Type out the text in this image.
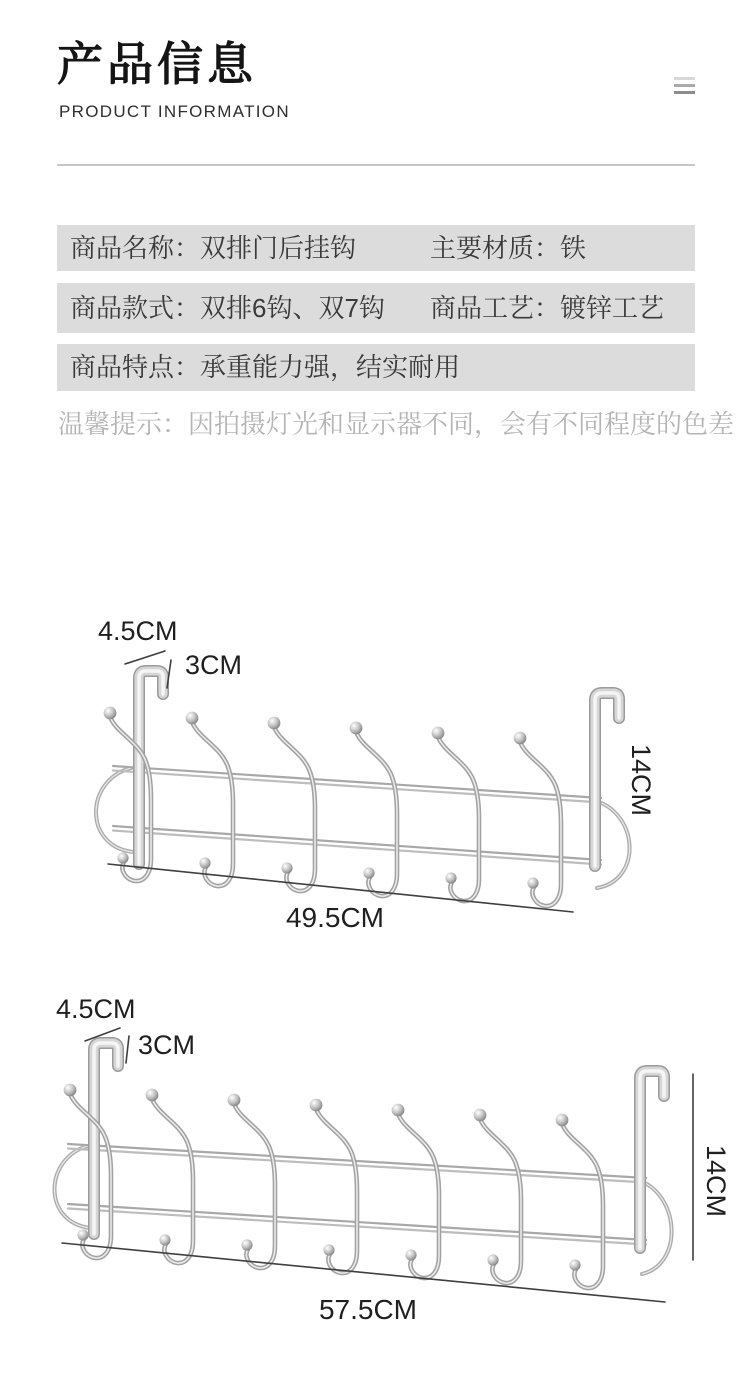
产品信息
PRODUCT INFORMATION
商品名称：双排门后挂钩	主要材质：铁
商品款式：双排6钩、双7钩 商品工艺：镀锌工艺
商品特点：承重能力强，结实耐用
温馨提示：因拍摄灯光和显示器不同，会有不同程度的色差
4.5CM
3CM
14CM
49.5CM
4.5CM
3CM
14CM
57.5CM
